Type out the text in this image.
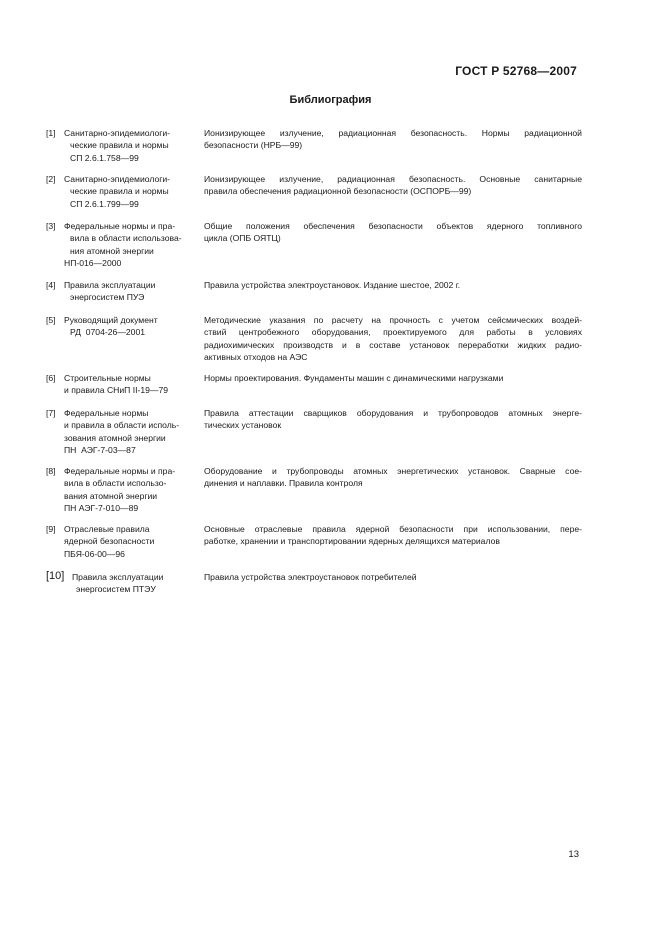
ГОСТ Р 52768—2007
Библиография
[1] Санитарно-эпидемиологи-
ческие правила и нормы
СП 2.6.1.758—99
Ионизирующее излучение, радиационная безопасность. Нормы радиационной
безопасности (НРБ—99)
[2] Санитарно-эпидемиологи-
ческие правила и нормы
СП 2.6.1.799—99
Ионизирующее излучение, радиационная безопасность. Основные санитарные
правила обеспечения радиационной безопасности (ОСПОРБ—99)
[3] Федеральные нормы и пра-
вила в области использова-
ния атомной энергии
НП-016—2000
Общие положения обеспечения безопасности объектов ядерного топливного
цикла (ОПБ ОЯТЦ)
[4] Правила эксплуатации
энергосистем ПУЭ
Правила устройства электроустановок. Издание шестое, 2002 г.
[5] Руководящий документ
РД  0704-26—2001
Методические указания по расчету на прочность с учетом сейсмических воздей-
ствий центробежного оборудования, проектируемого для работы в условиях
радиохимических производств и в составе установок переработки жидких радио-
активных отходов на АЭС
[6] Строительные нормы
и правила СНиП II-19—79
Нормы проектирования. Фундаменты машин с динамическими нагрузками
[7] Федеральные нормы
и правила в области исполь-
зования атомной энергии
ПН  АЭГ-7-03—87
Правила аттестации сварщиков оборудования и трубопроводов атомных энерге-
тических установок
[8] Федеральные нормы и пра-
вила в области использо-
вания атомной энергии
ПН АЭГ-7-010—89
Оборудование и трубопроводы атомных энергетических установок. Сварные сое-
динения и наплавки. Правила контроля
[9] Отраслевые правила
ядерной безопасности
ПБЯ-06-00—96
Основные отраслевые правила ядерной безопасности при использовании, пере-
работке, хранении и транспортировании ядерных делящихся материалов
[10] Правила эксплуатации
энергосистем ПТЭУ
Правила устройства электроустановок потребителей
13
